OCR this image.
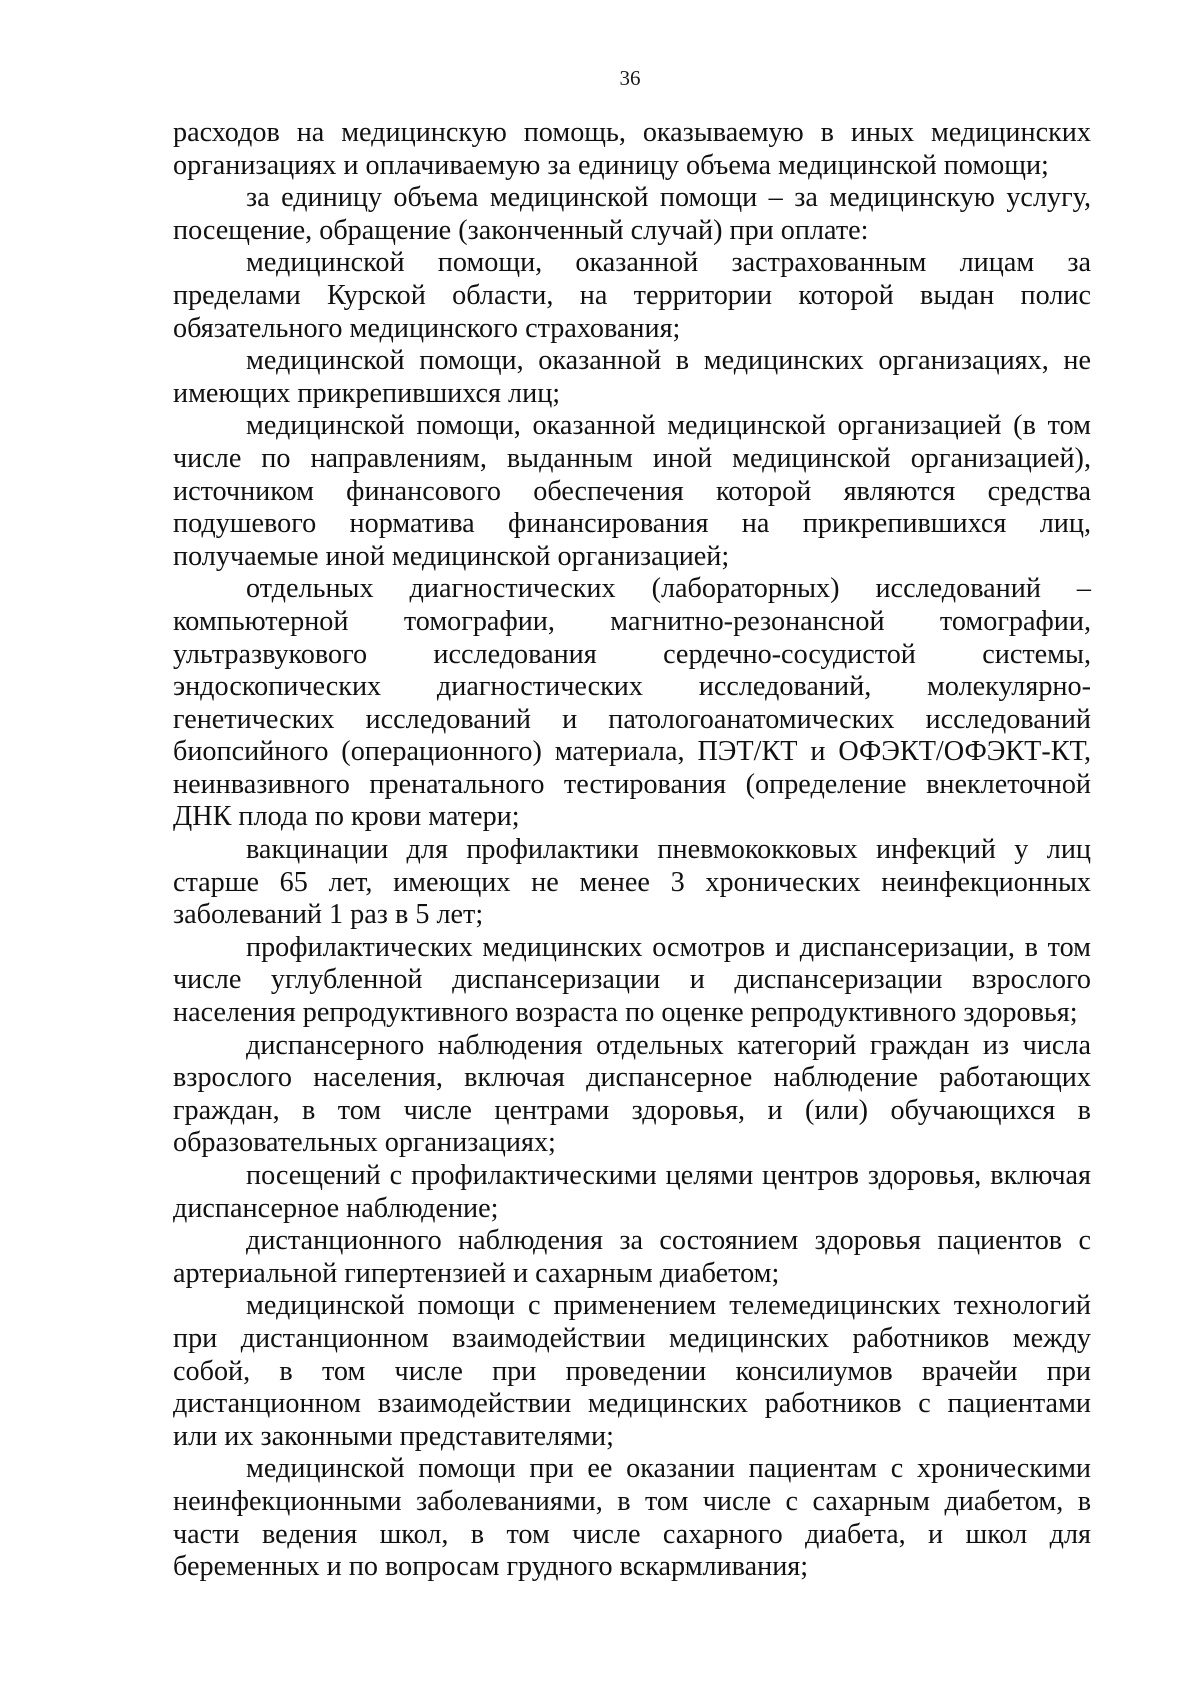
36

расходов на медицинскую помощь, оказываемую в иных медицинских организациях и оплачиваемую за единицу объема медицинской помощи;

за единицу объема медицинской помощи – за медицинскую услугу, посещение, обращение (законченный случай) при оплате:

медицинской помощи, оказанной застрахованным лицам за пределами Курской области, на территории которой выдан полис обязательного медицинского страхования;

медицинской помощи, оказанной в медицинских организациях, не имеющих прикрепившихся лиц;

медицинской помощи, оказанной медицинской организацией (в том числе по направлениям, выданным иной медицинской организацией), источником финансового обеспечения которой являются средства подушевого норматива финансирования на прикрепившихся лиц, получаемые иной медицинской организацией;

отдельных диагностических (лабораторных) исследований – компьютерной томографии, магнитно-резонансной томографии, ультразвукового исследования сердечно-сосудистой системы, эндоскопических диагностических исследований, молекулярно-генетических исследований и патологоанатомических исследований биопсийного (операционного) материала, ПЭТ/КТ и ОФЭКТ/ОФЭКТ-КТ, неинвазивного пренатального тестирования (определение внеклеточной ДНК плода по крови матери;

вакцинации для профилактики пневмококковых инфекций у лиц старше 65 лет, имеющих не менее 3 хронических неинфекционных заболеваний 1 раз в 5 лет;

профилактических медицинских осмотров и диспансеризации, в том числе углубленной диспансеризации и диспансеризации взрослого населения репродуктивного возраста по оценке репродуктивного здоровья;

диспансерного наблюдения отдельных категорий граждан из числа взрослого населения, включая диспансерное наблюдение работающих граждан, в том числе центрами здоровья, и (или) обучающихся в образовательных организациях;

посещений с профилактическими целями центров здоровья, включая диспансерное наблюдение;

дистанционного наблюдения за состоянием здоровья пациентов с артериальной гипертензией и сахарным диабетом;

медицинской помощи с применением телемедицинских технологий при дистанционном взаимодействии медицинских работников между собой, в том числе при проведении консилиумов врачейи при дистанционном взаимодействии медицинских работников с пациентами или их законными представителями;

медицинской помощи при ее оказании пациентам с хроническими неинфекционными заболеваниями, в том числе с сахарным диабетом, в части ведения школ, в том числе сахарного диабета, и школ для беременных и по вопросам грудного вскармливания;
